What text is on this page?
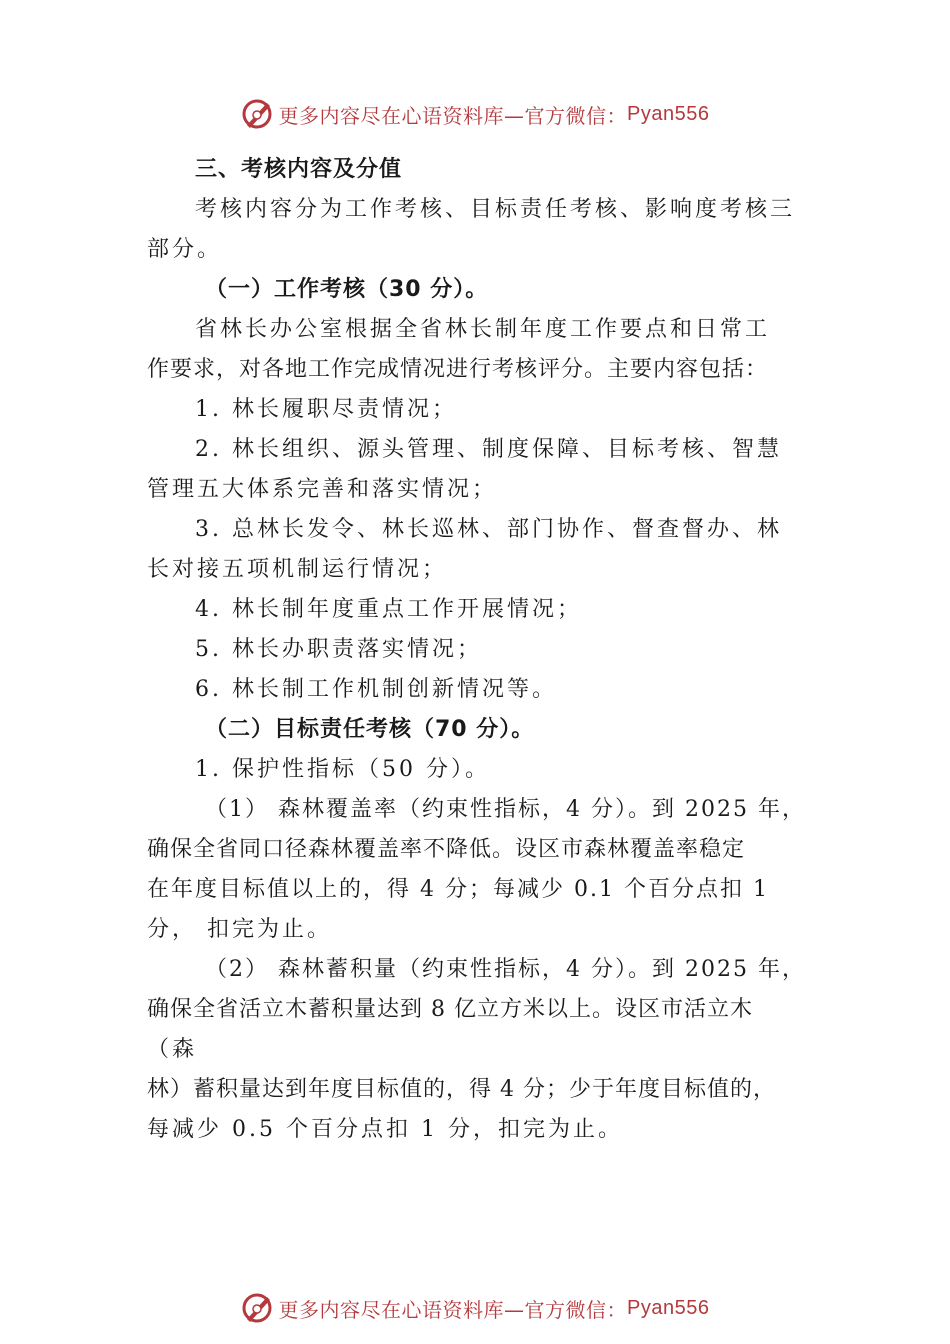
更多内容尽在心语资料库—官方微信： Pyan556
三、考核内容及分值
考核内容分为工作考核、目标责任考核、影响度考核三
部分。
（一）工作考核（30 分）。
省林长办公室根据全省林长制年度工作要点和日常工
作要求，对各地工作完成情况进行考核评分。主要内容包括：
1. 林长履职尽责情况；
2. 林长组织、源头管理、制度保障、目标考核、智慧
管理五大体系完善和落实情况；
3. 总林长发令、林长巡林、部门协作、督查督办、林
长对接五项机制运行情况；
4. 林长制年度重点工作开展情况；
5. 林长办职责落实情况；
6. 林长制工作机制创新情况等。
（二）目标责任考核（70 分）。
1. 保护性指标（50 分）。
（1） 森林覆盖率（约束性指标，4 分）。到 2025 年，
确保全省同口径森林覆盖率不降低。设区市森林覆盖率稳定
在年度目标值以上的，得 4 分；每减少 0.1 个百分点扣 1
分， 扣完为止。
（2） 森林蓄积量（约束性指标，4 分）。到 2025 年，
确保全省活立木蓄积量达到 8 亿立方米以上。设区市活立木
（森
林）蓄积量达到年度目标值的，得 4 分；少于年度目标值的，
每减少 0.5 个百分点扣 1 分，扣完为止。
更多内容尽在心语资料库—官方微信： Pyan556
